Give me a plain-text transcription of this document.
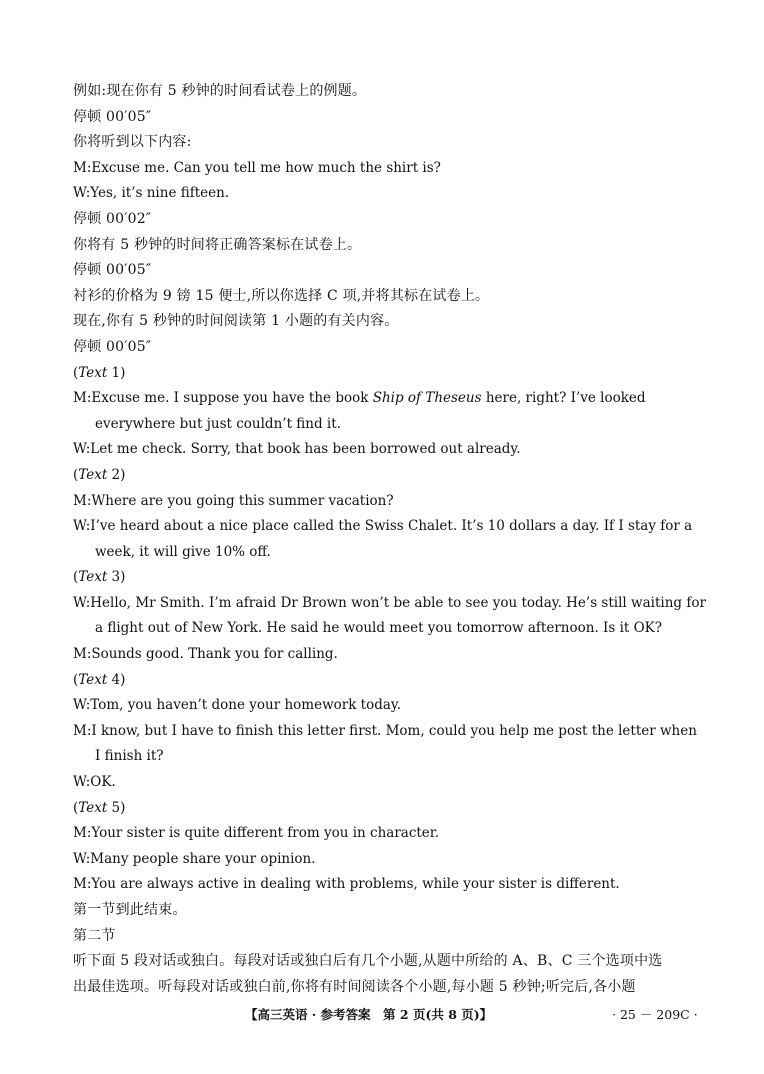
例如:现在你有 5 秒钟的时间看试卷上的例题。
停顿 00′05″
你将听到以下内容:
M:Excuse me. Can you tell me how much the shirt is?
W:Yes, it’s nine fifteen.
停顿 00′02″
你将有 5 秒钟的时间将正确答案标在试卷上。
停顿 00′05″
衬衫的价格为 9 镑 15 便士,所以你选择 C 项,并将其标在试卷上。
现在,你有 5 秒钟的时间阅读第 1 小题的有关内容。
停顿 00′05″
(Text 1)
M:Excuse me. I suppose you have the book Ship of Theseus here, right? I’ve looked
everywhere but just couldn’t find it.
W:Let me check. Sorry, that book has been borrowed out already.
(Text 2)
M:Where are you going this summer vacation?
W:I’ve heard about a nice place called the Swiss Chalet. It’s 10 dollars a day. If I stay for a
week, it will give 10% off.
(Text 3)
W:Hello, Mr Smith. I’m afraid Dr Brown won’t be able to see you today. He’s still waiting for
a flight out of New York. He said he would meet you tomorrow afternoon. Is it OK?
M:Sounds good. Thank you for calling.
(Text 4)
W:Tom, you haven’t done your homework today.
M:I know, but I have to finish this letter first. Mom, could you help me post the letter when
I finish it?
W:OK.
(Text 5)
M:Your sister is quite different from you in character.
W:Many people share your opinion.
M:You are always active in dealing with problems, while your sister is different.
第一节到此结束。
第二节
听下面 5 段对话或独白。每段对话或独白后有几个小题,从题中所给的 A、B、C 三个选项中选
出最佳选项。听每段对话或独白前,你将有时间阅读各个小题,每小题 5 秒钟;听完后,各小题
【高三英语 · 参考答案　第 2 页(共 8 页)】	· 25 － 209C ·
